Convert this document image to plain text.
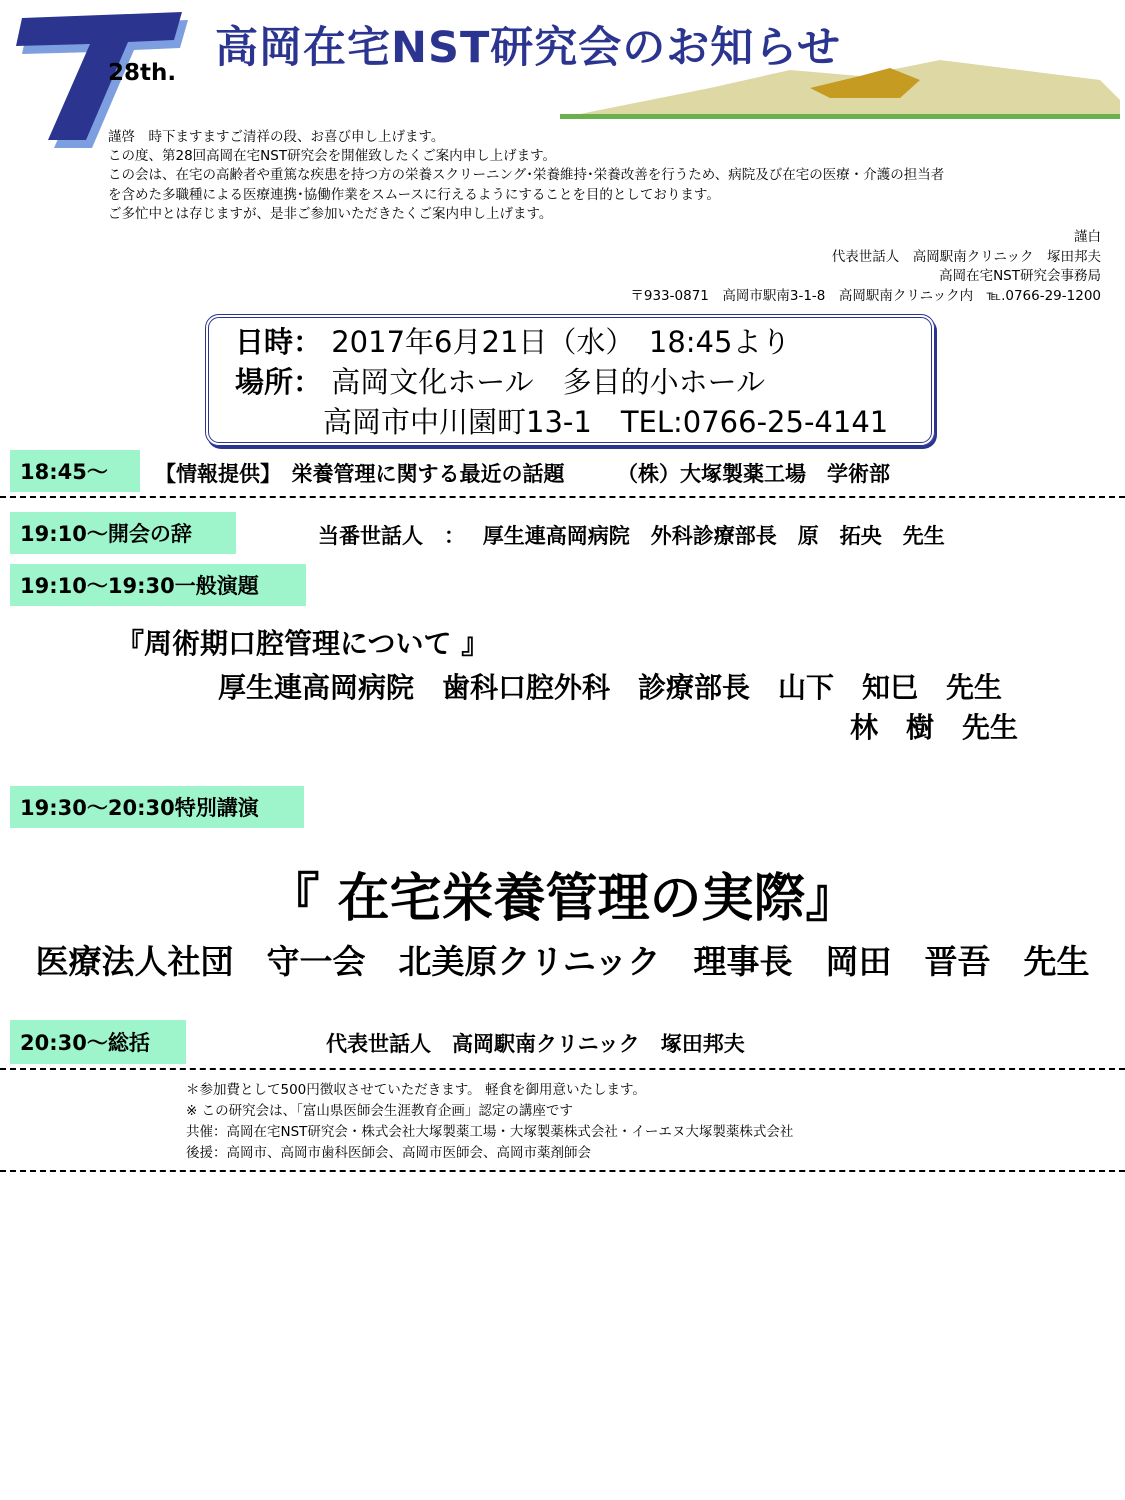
28th. 高岡在宅NST研究会のお知らせ
謹啓　時下ますますご清祥の段、お喜び申し上げます。
この度、第28回高岡在宅NST研究会を開催致したくご案内申し上げます。
この会は、在宅の高齢者や重篤な疾患を持つ方の栄養スクリーニング･栄養維持･栄養改善を行うため、病院及び在宅の医療・介護の担当者
を含めた多職種による医療連携･協働作業をスムースに行えるようにすることを目的としております。
ご多忙中とは存じますが、是非ご参加いただきたくご案内申し上げます。
謹白
代表世話人　高岡駅南クリニック　塚田邦夫
高岡在宅NST研究会事務局
〒933-0871　高岡市駅南3-1-8　高岡駅南クリニック内　℡.0766-29-1200
日時： 2017年6月21日（水）　18:45より
場所： 高岡文化ホール　多目的小ホール
高岡市中川園町13-1　TEL:0766-25-4141
18:45～	【情報提供】　栄養管理に関する最近の話題　　　（株）大塚製薬工場　学術部
19:10～開会の辞	当番世話人　：　 厚生連高岡病院　外科診療部長　原　拓央　先生
19:10～19:30一般演題
『周術期口腔管理について 』
厚生連高岡病院　歯科口腔外科　診療部長　山下　知巳　先生
林　樹　先生
19:30～20:30特別講演
『 在宅栄養管理の実際』
医療法人社団　守一会　北美原クリニック　理事長　岡田　晋吾　先生
20:30～総括	代表世話人　高岡駅南クリニック　塚田邦夫
＊参加費として500円徴収させていただきます。 軽食を御用意いたします。
※ この研究会は、「富山県医師会生涯教育企画」認定の講座です
共催：高岡在宅NST研究会・株式会社大塚製薬工場・大塚製薬株式会社・イーエヌ大塚製薬株式会社
後援：高岡市、高岡市歯科医師会、高岡市医師会、高岡市薬剤師会
